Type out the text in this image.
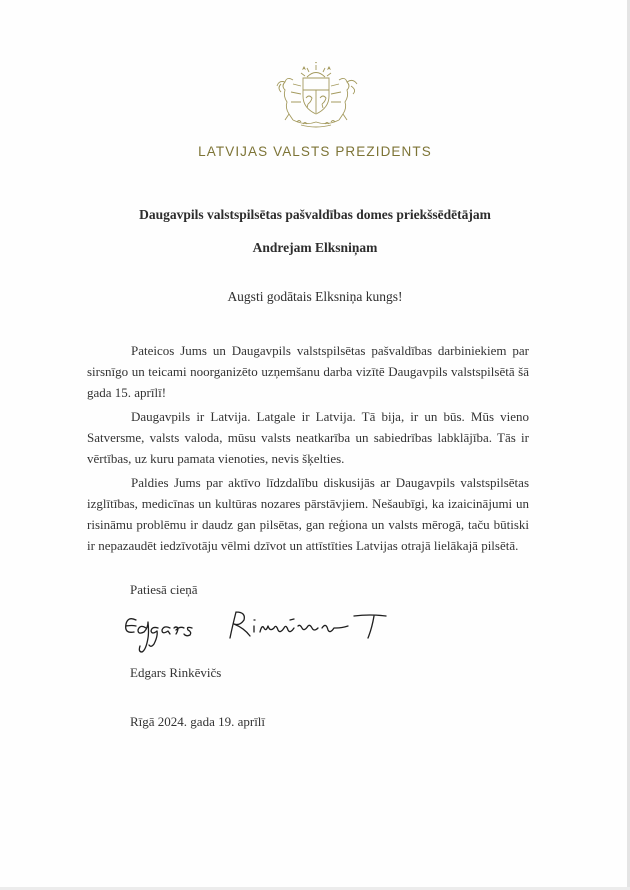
LATVIJAS VALSTS PREZIDENTS
Daugavpils valstspilsētas pašvaldības domes priekšsēdētājam
Andrejam Elksniņam
Augsti godātais Elksniņa kungs!

Pateicos Jums un Daugavpils valstspilsētas pašvaldības darbiniekiem par sirsnīgo un teicami noorganizēto uzņemšanu darba vizītē Daugavpils valstspilsētā šā gada 15. aprīlī!

Daugavpils ir Latvija. Latgale ir Latvija. Tā bija, ir un būs. Mūs vieno Satversme, valsts valoda, mūsu valsts neatkarība un sabiedrības labklājība. Tās ir vērtības, uz kuru pamata vienoties, nevis šķelties.

Paldies Jums par aktīvo līdzdalību diskusijās ar Daugavpils valstspilsētas izglītības, medicīnas un kultūras nozares pārstāvjiem. Nešaubīgi, ka izaicinājumi un risināmu problēmu ir daudz gan pilsētas, gan reģiona un valsts mērogā, taču būtiski ir nepazaudēt iedzīvotāju vēlmi dzīvot un attīstīties Latvijas otrajā lielākajā pilsētā.

Patiesā cieņā
Edgars Rinkēvičs
Rīgā 2024. gada 19. aprīlī
